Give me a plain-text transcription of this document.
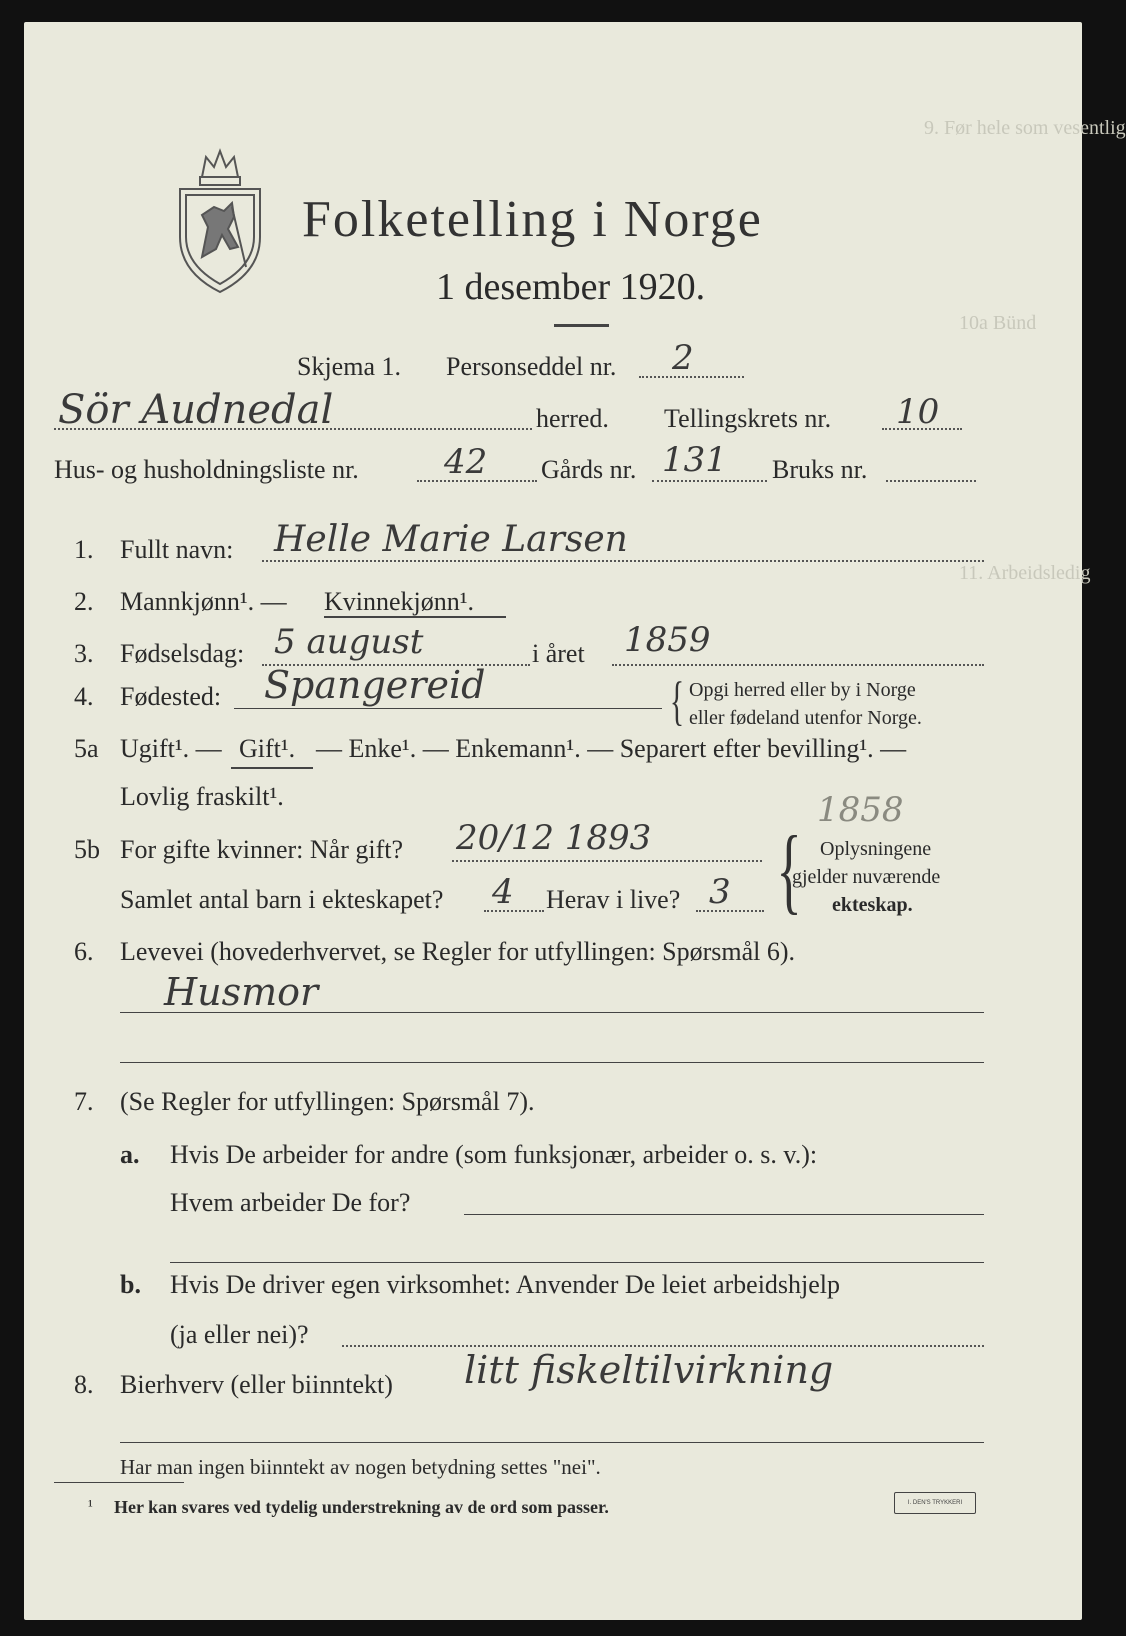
9. Før hele som vesentlig
10a Bünd
11. Arbeidsledig
Folketelling i Norge
1 desember 1920.
Skjema 1. Personseddel nr. 2
Sör Audnedal	herred. Tellingskrets nr. 10
Hus- og husholdningsliste nr.	42 Gårds nr. 131 Bruks nr.
1. Fullt navn: Helle Marie Larsen
2. Mannkjønn¹. — Kvinnekjønn¹.
3. Fødselsdag: 5 august	i året 1859
4. Fødested: Spangereid	{ Opgi herred eller by i Norge
eller fødeland utenfor Norge.
5a Ugift¹. — Gift¹. — Enke¹. — Enkemann¹. — Separert efter bevilling¹. —
Lovlig fraskilt¹.	1858
5b For gifte kvinner: Når gift? 20/12 1893
Samlet antal barn i ekteskapet? 4 Herav i live? 3 { Oplysningene
gjelder nuværende
ekteskap.
6. Levevei (hovederhvervet, se Regler for utfyllingen: Spørsmål 6).
Husmor
7. (Se Regler for utfyllingen: Spørsmål 7).
a. Hvis De arbeider for andre (som funksjonær, arbeider o. s. v.):
Hvem arbeider De for?
b. Hvis De driver egen virksomhet: Anvender De leiet arbeidshjelp
(ja eller nei)?
8. Bierhverv (eller biinntekt) litt fiskeltilvirkning
Har man ingen biinntekt av nogen betydning settes "nei".
¹ Her kan svares ved tydelig understrekning av de ord som passer.	I. DEN'S TRYKKERI
